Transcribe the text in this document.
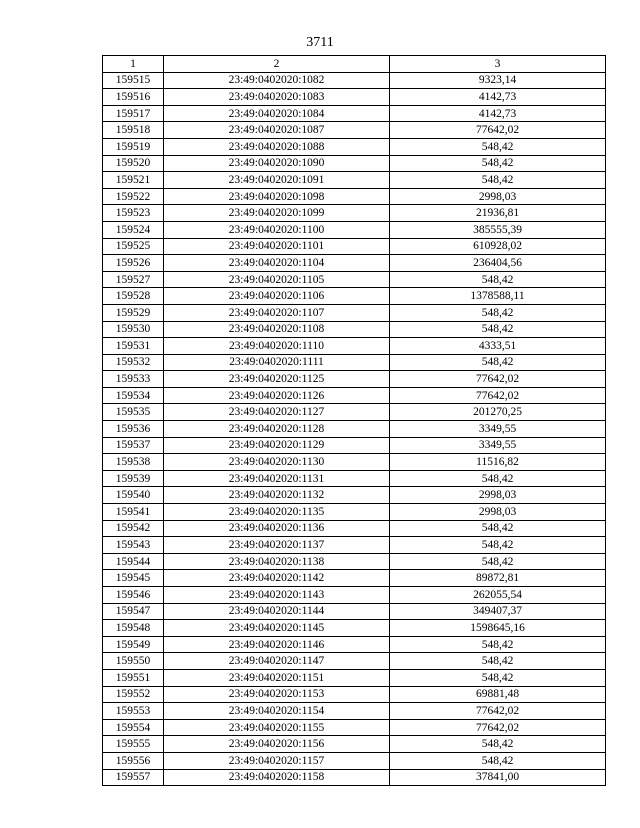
3711
1	2	3
159515	23:49:0402020:1082	9323,14
159516	23:49:0402020:1083	4142,73
159517	23:49:0402020:1084	4142,73
159518	23:49:0402020:1087	77642,02
159519	23:49:0402020:1088	548,42
159520	23:49:0402020:1090	548,42
159521	23:49:0402020:1091	548,42
159522	23:49:0402020:1098	2998,03
159523	23:49:0402020:1099	21936,81
159524	23:49:0402020:1100	385555,39
159525	23:49:0402020:1101	610928,02
159526	23:49:0402020:1104	236404,56
159527	23:49:0402020:1105	548,42
159528	23:49:0402020:1106	1378588,11
159529	23:49:0402020:1107	548,42
159530	23:49:0402020:1108	548,42
159531	23:49:0402020:1110	4333,51
159532	23:49:0402020:1111	548,42
159533	23:49:0402020:1125	77642,02
159534	23:49:0402020:1126	77642,02
159535	23:49:0402020:1127	201270,25
159536	23:49:0402020:1128	3349,55
159537	23:49:0402020:1129	3349,55
159538	23:49:0402020:1130	11516,82
159539	23:49:0402020:1131	548,42
159540	23:49:0402020:1132	2998,03
159541	23:49:0402020:1135	2998,03
159542	23:49:0402020:1136	548,42
159543	23:49:0402020:1137	548,42
159544	23:49:0402020:1138	548,42
159545	23:49:0402020:1142	89872,81
159546	23:49:0402020:1143	262055,54
159547	23:49:0402020:1144	349407,37
159548	23:49:0402020:1145	1598645,16
159549	23:49:0402020:1146	548,42
159550	23:49:0402020:1147	548,42
159551	23:49:0402020:1151	548,42
159552	23:49:0402020:1153	69881,48
159553	23:49:0402020:1154	77642,02
159554	23:49:0402020:1155	77642,02
159555	23:49:0402020:1156	548,42
159556	23:49:0402020:1157	548,42
159557	23:49:0402020:1158	37841,00
